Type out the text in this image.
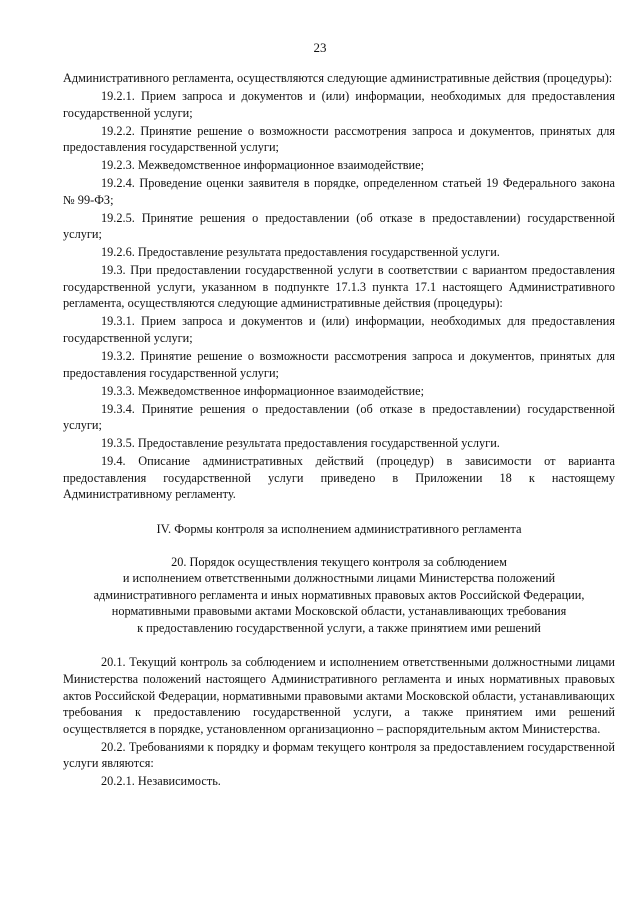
23

Административного регламента, осуществляются следующие административные действия (процедуры):

19.2.1. Прием запроса и документов и (или) информации, необходимых для предоставления государственной услуги;

19.2.2. Принятие решение о возможности рассмотрения запроса и документов, принятых для предоставления государственной услуги;

19.2.3. Межведомственное информационное взаимодействие;

19.2.4. Проведение оценки заявителя в порядке, определенном статьей 19 Федерального закона № 99-ФЗ;

19.2.5. Принятие решения о предоставлении (об отказе в предоставлении) государственной услуги;

19.2.6. Предоставление результата предоставления государственной услуги.

19.3. При предоставлении государственной услуги в соответствии с вариантом предоставления государственной услуги, указанном в подпункте 17.1.3 пункта 17.1 настоящего Административного регламента, осуществляются следующие административные действия (процедуры):

19.3.1. Прием запроса и документов и (или) информации, необходимых для предоставления государственной услуги;

19.3.2. Принятие решение о возможности рассмотрения запроса и документов, принятых для предоставления государственной услуги;

19.3.3. Межведомственное информационное взаимодействие;

19.3.4. Принятие решения о предоставлении (об отказе в предоставлении) государственной услуги;

19.3.5. Предоставление результата предоставления государственной услуги.

19.4. Описание административных действий (процедур) в зависимости от варианта предоставления государственной услуги приведено в Приложении 18 к настоящему Административному регламенту.

IV. Формы контроля за исполнением административного регламента
20. Порядок осуществления текущего контроля за соблюдением
и исполнением ответственными должностными лицами Министерства положений
административного регламента и иных нормативных правовых актов Российской Федерации,
нормативными правовыми актами Московской области, устанавливающих требования
к предоставлению государственной услуги, а также принятием ими решений

20.1. Текущий контроль за соблюдением и исполнением ответственными должностными лицами Министерства положений настоящего Административного регламента и иных нормативных правовых актов Российской Федерации, нормативными правовыми актами Московской области, устанавливающих требования к предоставлению государственной услуги, а также принятием ими решений осуществляется в порядке, установленном организационно – распорядительным актом Министерства.

20.2. Требованиями к порядку и формам текущего контроля за предоставлением государственной услуги являются:

20.2.1. Независимость.
